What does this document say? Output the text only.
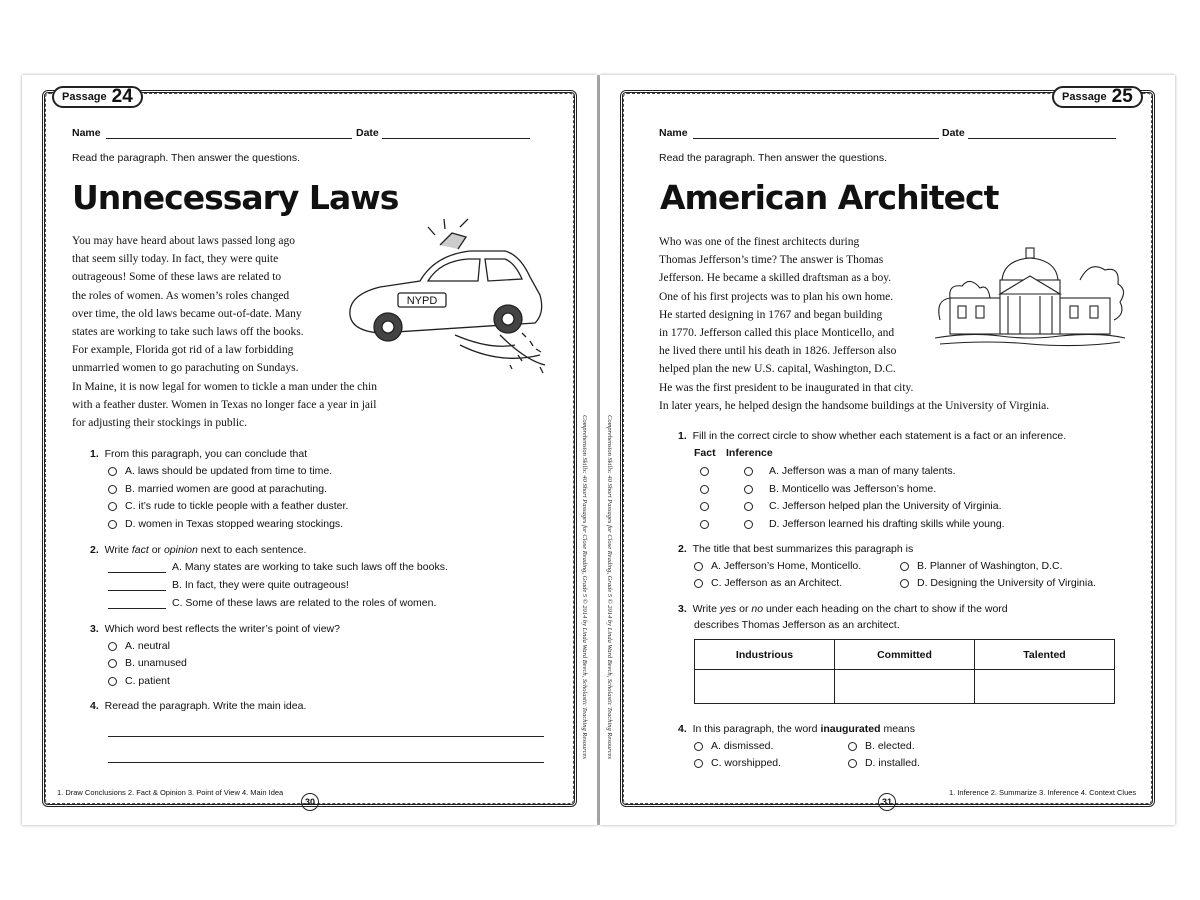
Passage 24
Name	Date
Read the paragraph. Then answer the questions.
Unnecessary Laws
You may have heard about laws passed long ago
that seem silly today. In fact, they were quite
outrageous! Some of these laws are related to
the roles of women. As women’s roles changed
over time, the old laws became out-of-date. Many
states are working to take such laws off the books.
For example, Florida got rid of a law forbidding
unmarried women to go parachuting on Sundays.
In Maine, it is now legal for women to tickle a man under the chin
with a feather duster. Women in Texas no longer face a year in jail
for adjusting their stockings in public.
NYPD
1. From this paragraph, you can conclude that
A. laws should be updated from time to time.
B. married women are good at parachuting.
C. it’s rude to tickle people with a feather duster.
D. women in Texas stopped wearing stockings.
2. Write fact or opinion next to each sentence.
A. Many states are working to take such laws off the books.
B. In fact, they were quite outrageous!
C. Some of these laws are related to the roles of women.
3. Which word best reflects the writer’s point of view?
A. neutral
B. unamused
C. patient
4. Reread the paragraph. Write the main idea.
1. Draw Conclusions 2. Fact & Opinion 3. Point of View 4. Main Idea
30
Comprehension Skills: 40 Short Passages for Close Reading, Grade 5 © 2014 by Linda Ward Beech, Scholastic Teaching Resources
Passage 25
Name	Date
Read the paragraph. Then answer the questions.
American Architect
Who was one of the finest architects during
Thomas Jefferson’s time? The answer is Thomas
Jefferson. He became a skilled draftsman as a boy.
One of his first projects was to plan his own home.
He started designing in 1767 and began building
in 1770. Jefferson called this place Monticello, and
he lived there until his death in 1826. Jefferson also
helped plan the new U.S. capital, Washington, D.C.
He was the first president to be inaugurated in that city.
In later years, he helped design the handsome buildings at the University of Virginia.
1. Fill in the correct circle to show whether each statement is a fact or an inference.
Fact Inference
A. Jefferson was a man of many talents.
B. Monticello was Jefferson’s home.
C. Jefferson helped plan the University of Virginia.
D. Jefferson learned his drafting skills while young.
2. The title that best summarizes this paragraph is
A. Jefferson’s Home, Monticello.	B. Planner of Washington, D.C.
C. Jefferson as an Architect.	D. Designing the University of Virginia.
3. Write yes or no under each heading on the chart to show if the word
describes Thomas Jefferson as an architect.
Industrious	Committed	Talented

4. In this paragraph, the word inaugurated means
A. dismissed.	B. elected.
C. worshipped.	D. installed.
31
1. Inference 2. Summarize 3. Inference 4. Context Clues
Comprehension Skills: 40 Short Passages for Close Reading, Grade 5 © 2014 by Linda Ward Beech, Scholastic Teaching Resources
